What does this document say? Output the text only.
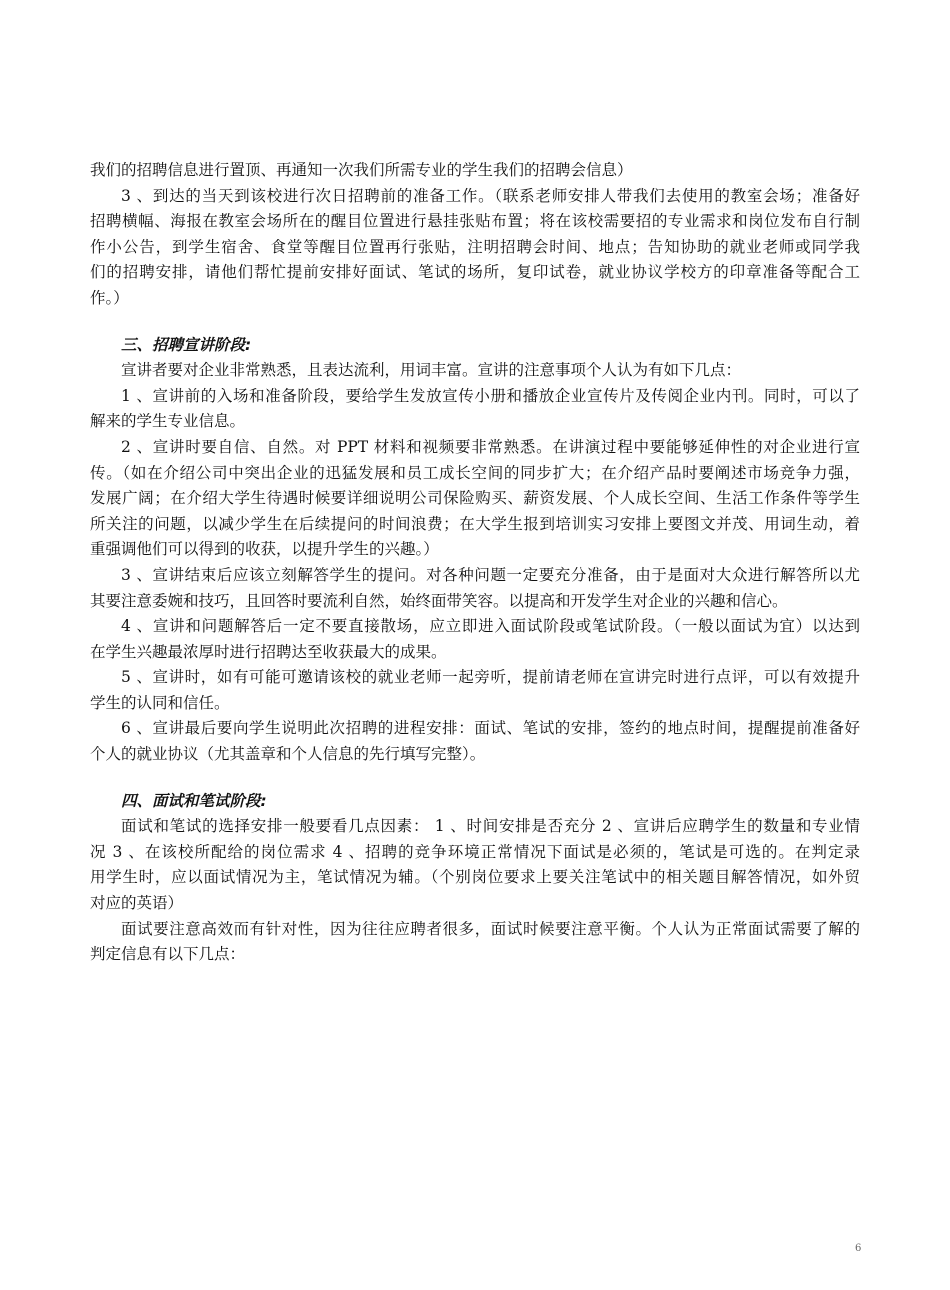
我们的招聘信息进行置顶、再通知一次我们所需专业的学生我们的招聘会信息）

3 、到达的当天到该校进行次日招聘前的准备工作。（联系老师安排人带我们去使用的教室会场；准备好

招聘横幅、海报在教室会场所在的醒目位置进行悬挂张贴布置；将在该校需要招的专业需求和岗位发布自行制

作小公告，到学生宿舍、食堂等醒目位置再行张贴，注明招聘会时间、地点；告知协助的就业老师或同学我

们的招聘安排，请他们帮忙提前安排好面试、笔试的场所，复印试卷，就业协议学校方的印章准备等配合工

作。）

三、招聘宣讲阶段:

宣讲者要对企业非常熟悉，且表达流利，用词丰富。宣讲的注意事项个人认为有如下几点：

1 、宣讲前的入场和准备阶段，要给学生发放宣传小册和播放企业宣传片及传阅企业内刊。同时，可以了

解来的学生专业信息。

2 、宣讲时要自信、自然。对 PPT 材料和视频要非常熟悉。在讲演过程中要能够延伸性的对企业进行宣

传。（如在介绍公司中突出企业的迅猛发展和员工成长空间的同步扩大；在介绍产品时要阐述市场竞争力强，

发展广阔；在介绍大学生待遇时候要详细说明公司保险购买、薪资发展、个人成长空间、生活工作条件等学生

所关注的问题，以减少学生在后续提问的时间浪费；在大学生报到培训实习安排上要图文并茂、用词生动，着

重强调他们可以得到的收获，以提升学生的兴趣。）

3 、宣讲结束后应该立刻解答学生的提问。对各种问题一定要充分准备，由于是面对大众进行解答所以尤

其要注意委婉和技巧，且回答时要流利自然，始终面带笑容。以提高和开发学生对企业的兴趣和信心。

4 、宣讲和问题解答后一定不要直接散场，应立即进入面试阶段或笔试阶段。（一般以面试为宜）以达到

在学生兴趣最浓厚时进行招聘达至收获最大的成果。

5 、宣讲时，如有可能可邀请该校的就业老师一起旁听，提前请老师在宣讲完时进行点评，可以有效提升

学生的认同和信任。

6 、宣讲最后要向学生说明此次招聘的进程安排：面试、笔试的安排，签约的地点时间，提醒提前准备好

个人的就业协议（尤其盖章和个人信息的先行填写完整）。

四、面试和笔试阶段:

面试和笔试的选择安排一般要看几点因素： 1 、时间安排是否充分 2 、宣讲后应聘学生的数量和专业情

况 3 、在该校所配给的岗位需求 4 、招聘的竞争环境正常情况下面试是必须的，笔试是可选的。在判定录

用学生时，应以面试情况为主，笔试情况为辅。（个别岗位要求上要关注笔试中的相关题目解答情况，如外贸

对应的英语）

面试要注意高效而有针对性，因为往往应聘者很多，面试时候要注意平衡。个人认为正常面试需要了解的

判定信息有以下几点：

6
